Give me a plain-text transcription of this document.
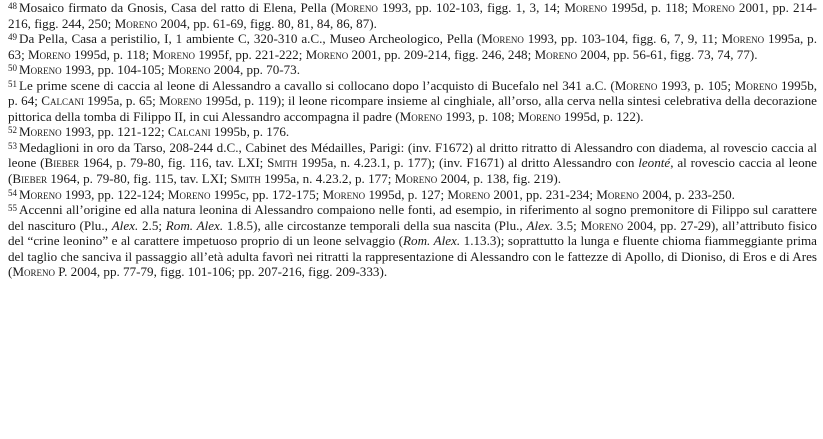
$^{48}$ Mosaico firmato da Gnosis, Casa del ratto di Elena, Pella (Moreno 1993, pp. 102-103, figg. 1, 3, 14; Moreno 1995d, p. 118; Moreno 2001, pp. 214-216, figg. 244, 250; Moreno 2004, pp. 61-69, figg. 80, 81, 84, 86, 87).

$^{49}$ Da Pella, Casa a peristilio, I, 1 ambiente C, 320-310 a.C., Museo Archeologico, Pella (Moreno 1993, pp. 103-104, figg. 6, 7, 9, 11; Moreno 1995a, p. 63; Moreno 1995d, p. 118; Moreno 1995f, pp. 221-222; Moreno 2001, pp. 209-214, figg. 246, 248; Moreno 2004, pp. 56-61, figg. 73, 74, 77).

$^{50}$ Moreno 1993, pp. 104-105; Moreno 2004, pp. 70-73.

$^{51}$ Le prime scene di caccia al leone di Alessandro a cavallo si collocano dopo l’acquisto di Bucefalo nel 341 a.C. (Moreno 1993, p. 105; Moreno 1995b, p. 64; Calcani 1995a, p. 65; Moreno 1995d, p. 119); il leone ricompare insieme al cinghiale, all’orso, alla cerva nella sintesi celebrativa della decorazione pittorica della tomba di Filippo II, in cui Alessandro accompagna il padre (Moreno 1993, p. 108; Moreno 1995d, p. 122).

$^{52}$ Moreno 1993, pp. 121-122; Calcani 1995b, p. 176.

$^{53}$ Medaglioni in oro da Tarso, 208-244 d.C., Cabinet des Médailles, Parigi: (inv. F1672) al dritto ritratto di Alessandro con diadema, al rovescio caccia al leone (Bieber 1964, p. 79-80, fig. 116, tav. LXI; Smith 1995a, n. 4.23.1, p. 177); (inv. F1671) al dritto Alessandro con leonté, al rovescio caccia al leone (Bieber 1964, p. 79-80, fig. 115, tav. LXI; Smith 1995a, n. 4.23.2, p. 177; Moreno 2004, p. 138, fig. 219).

$^{54}$ Moreno 1993, pp. 122-124; Moreno 1995c, pp. 172-175; Moreno 1995d, p. 127; Moreno 2001, pp. 231-234; Moreno 2004, p. 233-250.

$^{55}$ Accenni all’origine ed alla natura leonina di Alessandro compaiono nelle fonti, ad esempio, in riferimento al sogno premonitore di Filippo sul carattere del nascituro (Plu., Alex. 2.5; Rom. Alex. 1.8.5), alle circostanze temporali della sua nascita (Plu., Alex. 3.5; Moreno 2004, pp. 27-29), all’attributo fisico del “crine leonino” e al carattere impetuoso proprio di un leone selvaggio (Rom. Alex. 1.13.3); soprattutto la lunga e fluente chioma fiammeggiante prima del taglio che sanciva il passaggio all’età adulta favorì nei ritratti la rappresentazione di Alessandro con le fattezze di Apollo, di Dioniso, di Eros e di Ares (Moreno P. 2004, pp. 77-79, figg. 101-106; pp. 207-216, figg. 209-333).
